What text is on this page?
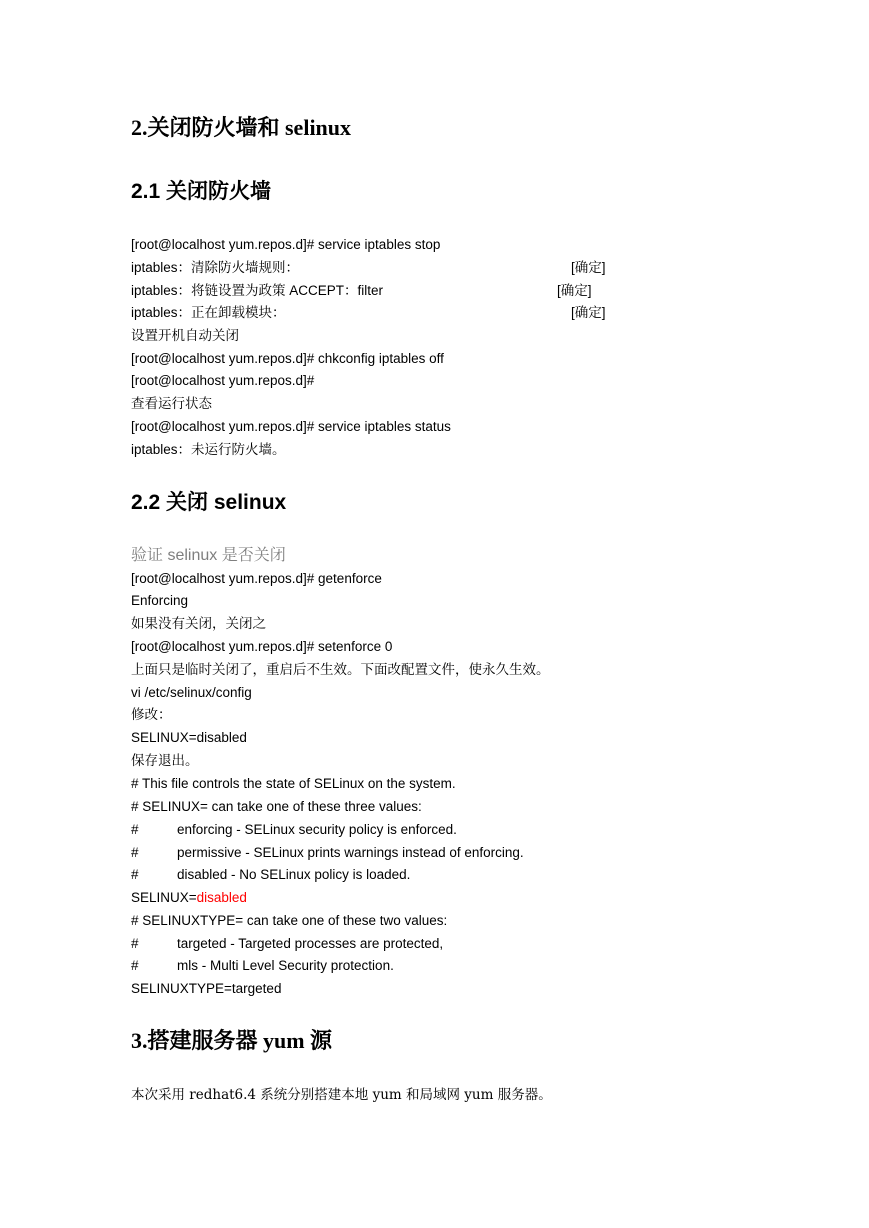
2.关闭防火墙和 selinux
2.1 关闭防火墙
[root@localhost yum.repos.d]# service iptables stop
iptables：清除防火墙规则：	[确定]
iptables：将链设置为政策 ACCEPT：filter	[确定]
iptables：正在卸载模块：	[确定]
设置开机自动关闭
[root@localhost yum.repos.d]# chkconfig iptables off
[root@localhost yum.repos.d]#
查看运行状态
[root@localhost yum.repos.d]# service iptables status
iptables：未运行防火墙。
2.2 关闭 selinux
验证 selinux 是否关闭
[root@localhost yum.repos.d]# getenforce
Enforcing
如果没有关闭，关闭之
[root@localhost yum.repos.d]# setenforce 0
上面只是临时关闭了，重启后不生效。下面改配置文件，使永久生效。
vi /etc/selinux/config
修改：
SELINUX=disabled
保存退出。
# This file controls the state of SELinux on the system.
# SELINUX= can take one of these three values:
#	enforcing - SELinux security policy is enforced.
#	permissive - SELinux prints warnings instead of enforcing.
#	disabled - No SELinux policy is loaded.
SELINUX=disabled
# SELINUXTYPE= can take one of these two values:
#	targeted - Targeted processes are protected,
#	mls - Multi Level Security protection.
SELINUXTYPE=targeted
3.搭建服务器 yum 源
本次采用 redhat6.4 系统分别搭建本地 yum 和局域网 yum 服务器。
